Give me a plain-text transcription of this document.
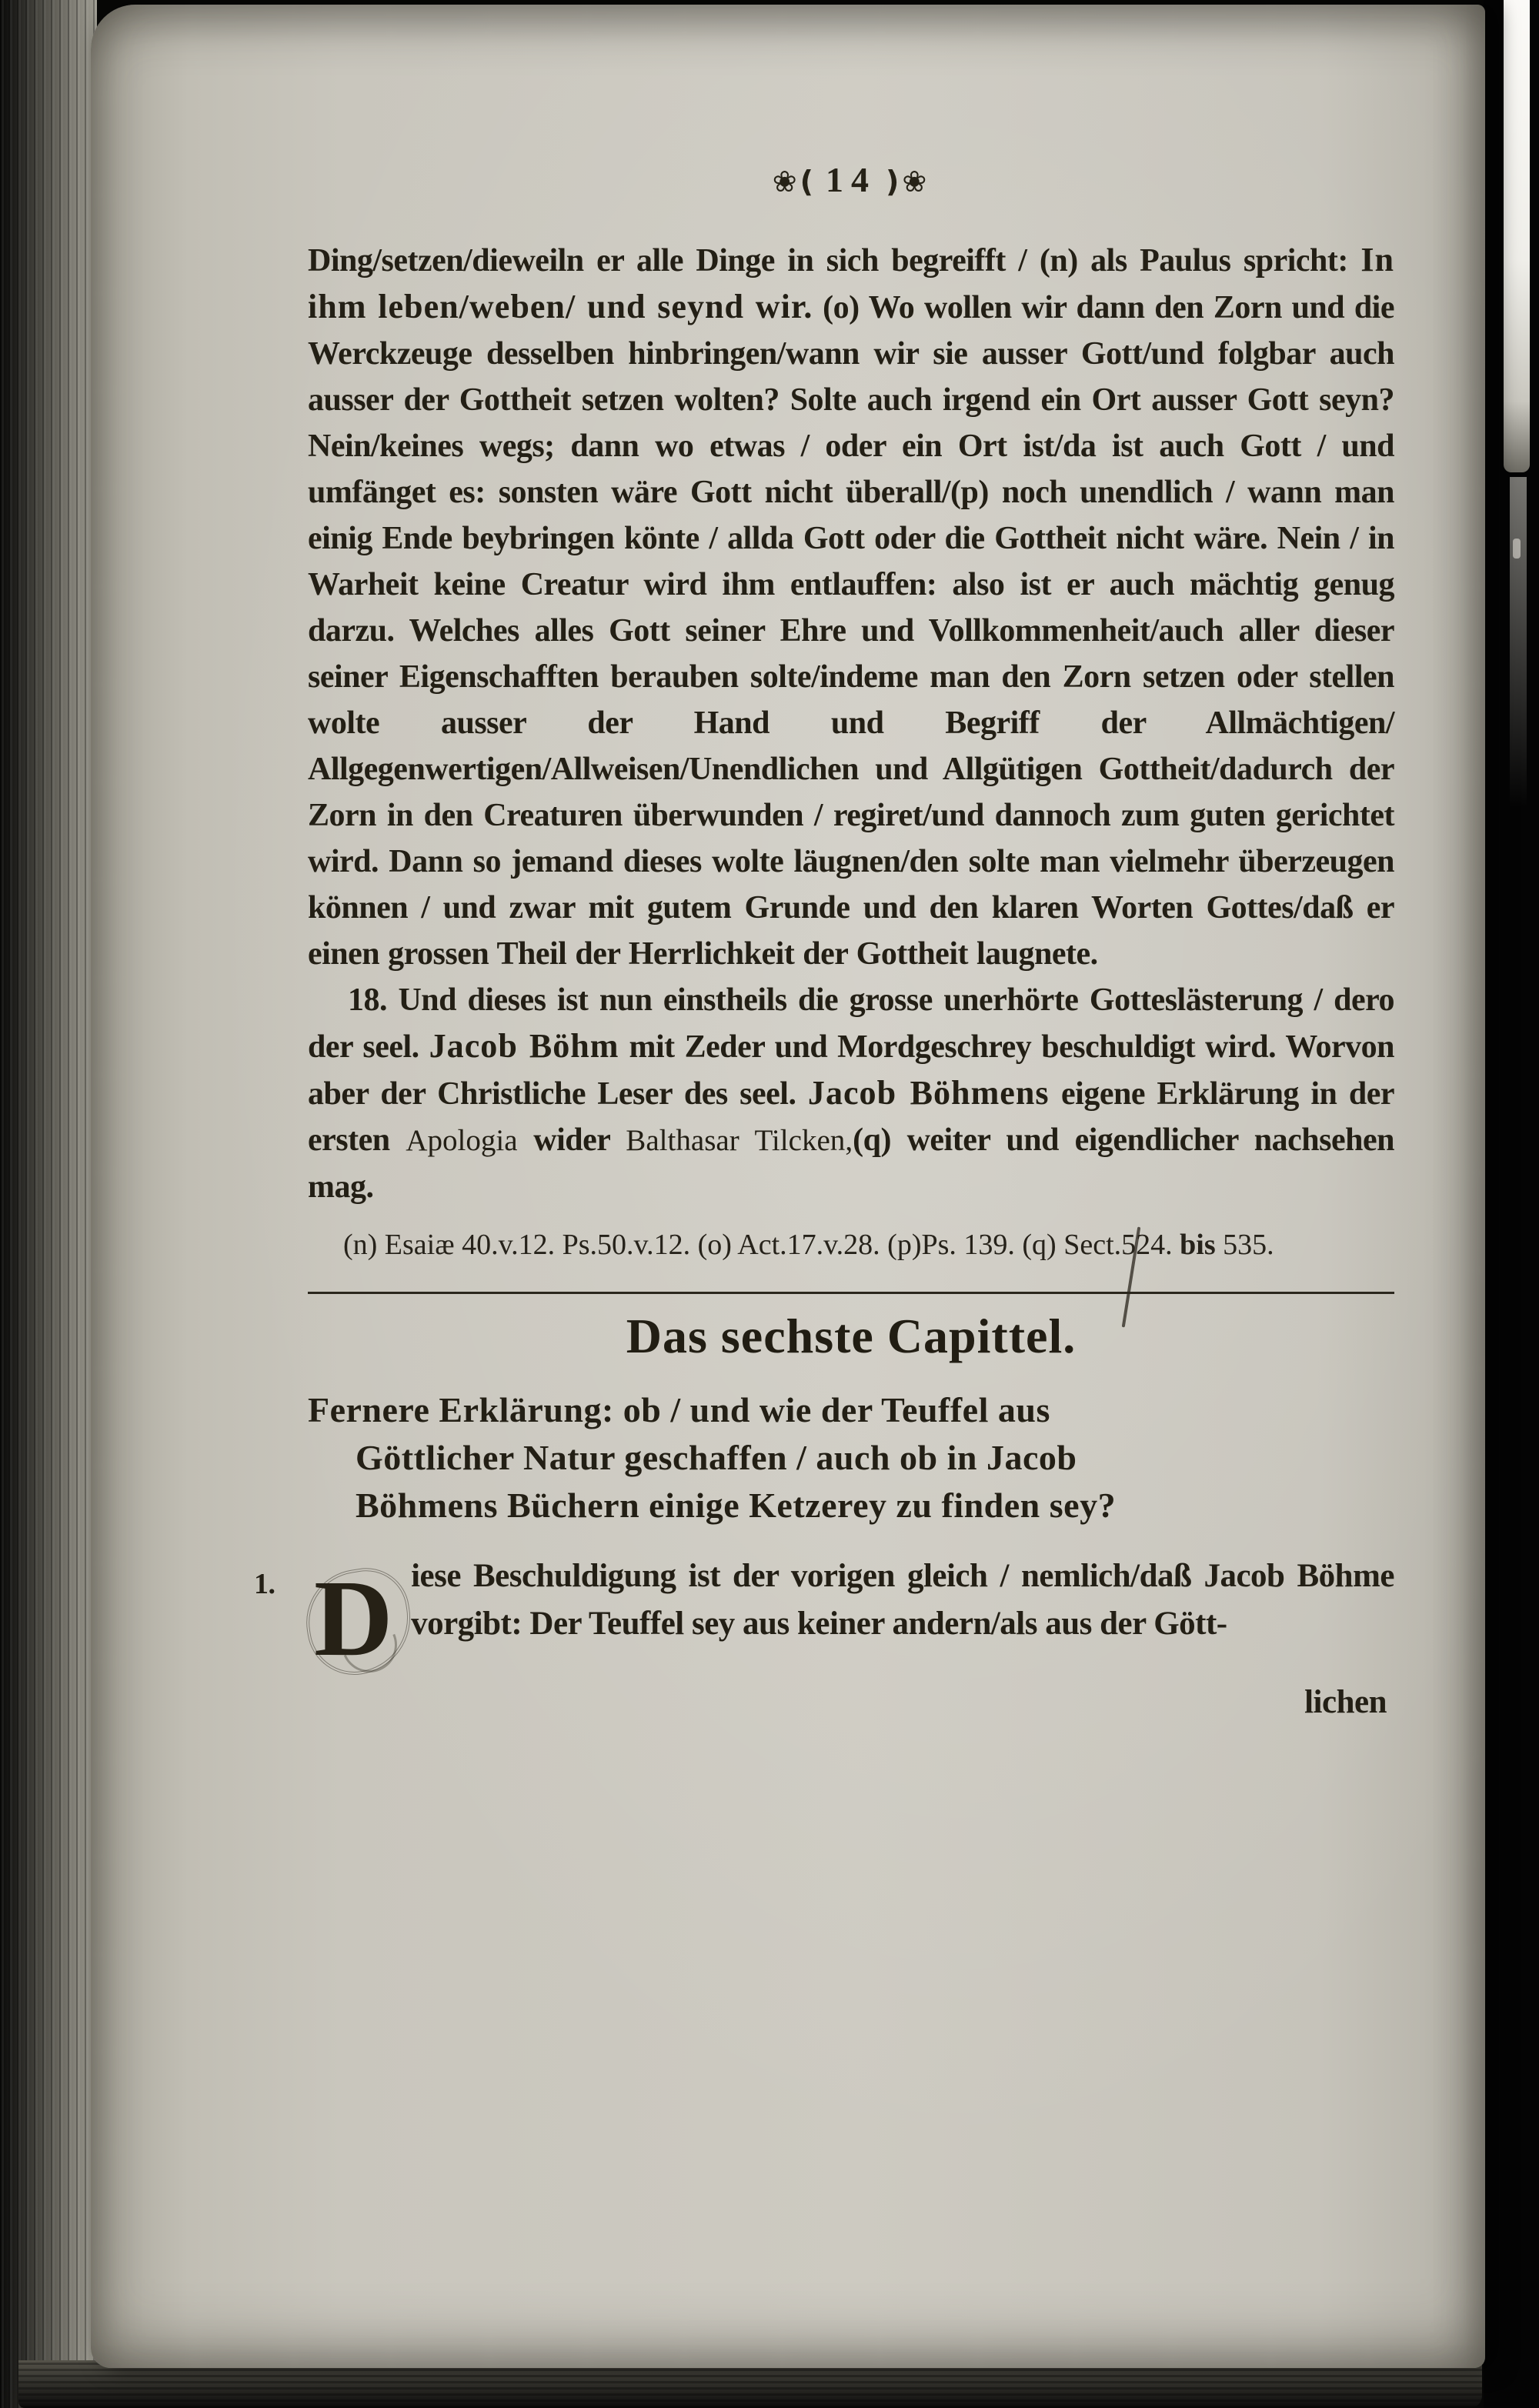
❀( 14 )❀

Ding/setzen/dieweiln er alle Dinge in sich begreifft / (n) als Paulus spricht: In ihm leben/weben/ und seynd wir. (o) Wo wollen wir dann den Zorn und die Werckzeuge desselben hinbringen/wann wir sie ausser Gott/und folgbar auch ausser der Gottheit setzen wolten? Solte auch irgend ein Ort ausser Gott seyn? Nein/keines wegs; dann wo etwas / oder ein Ort ist/da ist auch Gott / und umfänget es: sonsten wäre Gott nicht überall/(p) noch unendlich / wann man einig Ende beybringen könte / allda Gott oder die Gottheit nicht wäre. Nein / in Warheit keine Creatur wird ihm entlauffen: also ist er auch mächtig genug darzu. Welches alles Gott seiner Ehre und Vollkommenheit/auch aller dieser seiner Eigenschafften berauben solte/indeme man den Zorn setzen oder stellen wolte ausser der Hand und Begriff der Allmächtigen/ Allgegenwertigen/Allweisen/Unendlichen und Allgütigen Gottheit/dadurch der Zorn in den Creaturen überwunden / regiret/und dannoch zum guten gerichtet wird. Dann so jemand dieses wolte läugnen/den solte man vielmehr überzeugen können / und zwar mit gutem Grunde und den klaren Worten Gottes/daß er einen grossen Theil der Herrlichkeit der Gottheit laugnete.

18. Und dieses ist nun einstheils die grosse unerhörte Gotteslästerung / dero der seel. Jacob Böhm mit Zeder und Mordgeschrey beschuldigt wird. Worvon aber der Christliche Leser des seel. Jacob Böhmens eigene Erklärung in der ersten Apologia wider Balthasar Tilcken,(q) weiter und eigendlicher nachsehen mag.

(n) Esaiæ 40.v.12. Ps.50.v.12. (o) Act.17.v.28. (p)Ps. 139. (q) Sect.524. bis 535.

Das sechste Capittel.
Fernere Erklärung: ob / und wie der Teuffel aus Göttlicher Natur geschaffen / auch ob in Jacob Böhmens Büchern einige Ketzerey zu finden sey?
1. D iese Beschuldigung ist der vorigen gleich / nemlich/daß Jacob Böhme vorgibt: Der Teuffel sey aus keiner andern/als aus der Gött-
lichen
